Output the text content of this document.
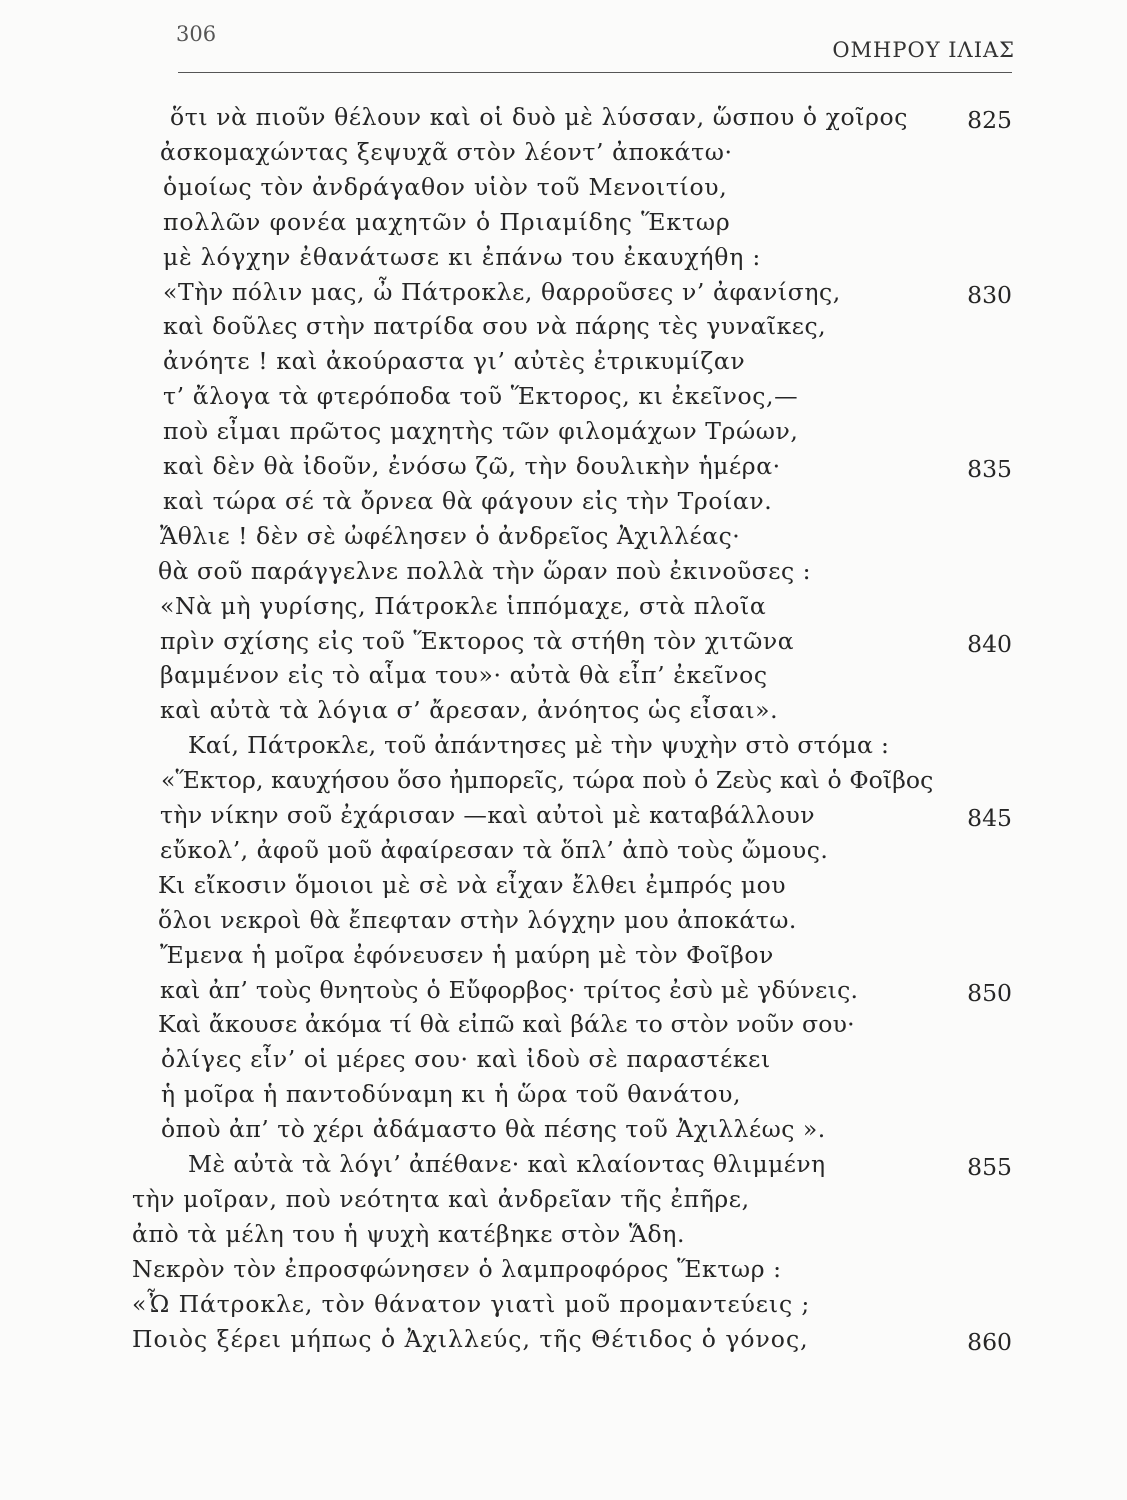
306
ΟΜΗΡΟΥ ΙΛΙΑΣ
ὅτι νὰ πιοῦν θέλουν καὶ οἱ δυὸ μὲ λύσσαν, ὥσπου ὁ χοῖρος	825
ἀσκομαχώντας ξεψυχᾶ στὸν λέοντ’ ἀποκάτω·
ὁμοίως τὸν ἀνδράγαθον υἱὸν τοῦ Μενοιτίου,
πολλῶν φονέα μαχητῶν ὁ Πριαμίδης Ἕκτωρ
μὲ λόγχην ἐθανάτωσε κι ἐπάνω του ἐκαυχήθη :
«Τὴν πόλιν μας, ὦ Πάτροκλε, θαρροῦσες ν’ ἀφανίσης,	830
καὶ δοῦλες στὴν πατρίδα σου νὰ πάρης τὲς γυναῖκες,
ἀνόητε ! καὶ ἀκούραστα γι’ αὐτὲς ἐτρικυμίζαν
τ’ ἄλογα τὰ φτερόποδα τοῦ Ἕκτορος, κι ἐκεῖνος,—
ποὺ εἶμαι πρῶτος μαχητὴς τῶν φιλομάχων Τρώων,
καὶ δὲν θὰ ἰδοῦν, ἐνόσω ζῶ, τὴν δουλικὴν ἡμέρα·	835
καὶ τώρα σέ τὰ ὄρνεα θὰ φάγουν εἰς τὴν Τροίαν.
Ἄθλιε ! δὲν σὲ ὠφέλησεν ὁ ἀνδρεῖος Ἀχιλλέας·
θὰ σοῦ παράγγελνε πολλὰ τὴν ὥραν ποὺ ἐκινοῦσες :
«Νὰ μὴ γυρίσης, Πάτροκλε ἱππόμαχε, στὰ πλοῖα
πρὶν σχίσης εἰς τοῦ Ἕκτορος τὰ στήθη τὸν χιτῶνα	840
βαμμένον εἰς τὸ αἷμα του»· αὐτὰ θὰ εἶπ’ ἐκεῖνος
καὶ αὐτὰ τὰ λόγια σ’ ἄρεσαν, ἀνόητος ὡς εἶσαι».
Καί, Πάτροκλε, τοῦ ἀπάντησες μὲ τὴν ψυχὴν στὸ στόμα :
«Ἕκτορ, καυχήσου ὅσο ἠμπορεῖς, τώρα ποὺ ὁ Ζεὺς καὶ ὁ Φοῖβος
τὴν νίκην σοῦ ἐχάρισαν —καὶ αὐτοὶ μὲ καταβάλλουν	845
εὔκολ’, ἀφοῦ μοῦ ἀφαίρεσαν τὰ ὅπλ’ ἀπὸ τοὺς ὤμους.
Κι εἴκοσιν ὅμοιοι μὲ σὲ νὰ εἶχαν ἔλθει ἐμπρός μου
ὅλοι νεκροὶ θὰ ἔπεφταν στὴν λόγχην μου ἀποκάτω.
Ἔμενα ἡ μοῖρα ἐφόνευσεν ἡ μαύρη μὲ τὸν Φοῖβον
καὶ ἀπ’ τοὺς θνητοὺς ὁ Εὔφορβος· τρίτος ἐσὺ μὲ γδύνεις.	850
Καὶ ἄκουσε ἀκόμα τί θὰ εἰπῶ καὶ βάλε το στὸν νοῦν σου·
ὀλίγες εἶν’ οἱ μέρες σου· καὶ ἰδοὺ σὲ παραστέκει
ἡ μοῖρα ἡ παντοδύναμη κι ἡ ὥρα τοῦ θανάτου,
ὁποὺ ἀπ’ τὸ χέρι ἀδάμαστο θὰ πέσης τοῦ Ἀχιλλέως ».
Μὲ αὐτὰ τὰ λόγι’ ἀπέθανε· καὶ κλαίοντας θλιμμένη	855
τὴν μοῖραν, ποὺ νεότητα καὶ ἀνδρεῖαν τῆς ἐπῆρε,
ἀπὸ τὰ μέλη του ἡ ψυχὴ κατέβηκε στὸν Ἅδη.
Νεκρὸν τὸν ἐπροσφώνησεν ὁ λαμπροφόρος Ἕκτωρ :
«Ὦ Πάτροκλε, τὸν θάνατον γιατὶ μοῦ προμαντεύεις ;
Ποιὸς ξέρει μήπως ὁ Ἀχιλλεύς, τῆς Θέτιδος ὁ γόνος,	860
